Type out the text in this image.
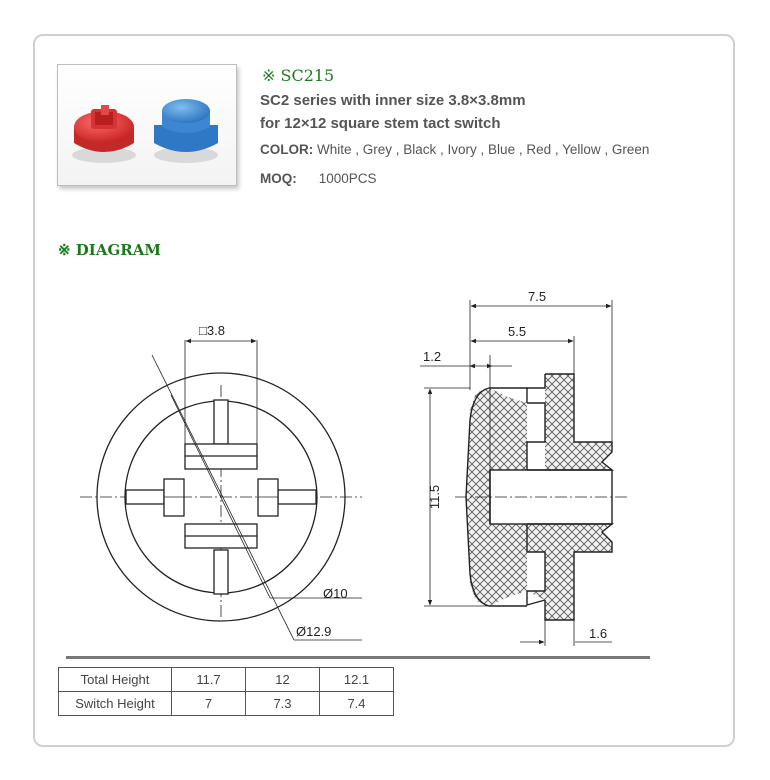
※ SC215
SC2 series with inner size 3.8×3.8mm
for 12×12 square stem tact switch
COLOR: White , Grey , Black , Ivory , Blue , Red , Yellow , Green
MOQ: 1000PCS
※ DIAGRAM
□3.8
Ø10
Ø12.9
7.5
5.5
1.2
11.5
1.6
Total Height	11.7	12	12.1
Switch Height	7	7.3	7.4
